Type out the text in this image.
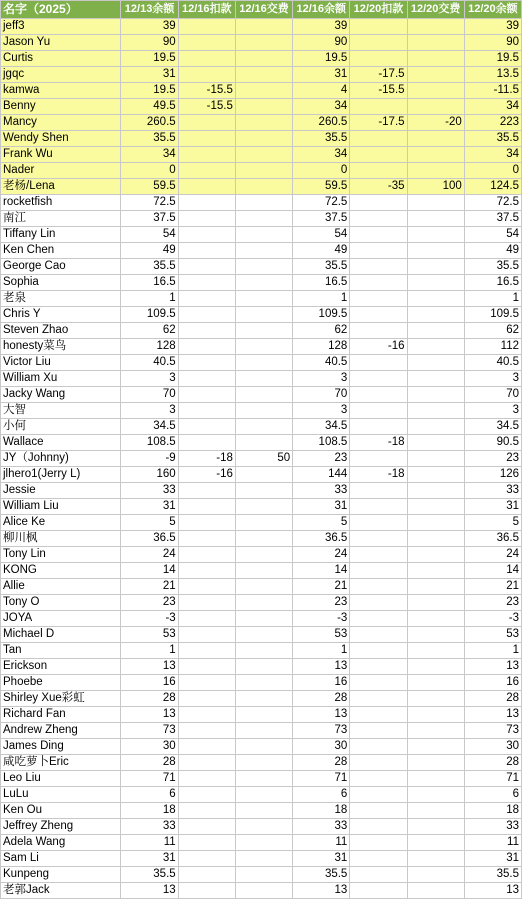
名字（2025）	12/13余额	12/16扣款	12/16交费	12/16余额	12/20扣款	12/20交费	12/20余额
jeff3	39			39			39
Jason Yu	90			90			90
Curtis	19.5			19.5			19.5
jgqc	31			31	-17.5		13.5
kamwa	19.5	-15.5		4	-15.5		-11.5
Benny	49.5	-15.5		34			34
Mancy	260.5			260.5	-17.5	-20	223
Wendy Shen	35.5			35.5			35.5
Frank Wu	34			34			34
Nader	0			0			0
老杨/Lena	59.5			59.5	-35	100	124.5
rocketfish	72.5			72.5			72.5
南江	37.5			37.5			37.5
Tiffany Lin	54			54			54
Ken Chen	49			49			49
George Cao	35.5			35.5			35.5
Sophia	16.5			16.5			16.5
老泉	1			1			1
Chris Y	109.5			109.5			109.5
Steven Zhao	62			62			62
honesty菜鸟	128			128	-16		112
Victor Liu	40.5			40.5			40.5
William Xu	3			3			3
Jacky Wang	70			70			70
大智	3			3			3
小何	34.5			34.5			34.5
Wallace	108.5			108.5	-18		90.5
JY（Johnny)	-9	-18	50	23			23
jlhero1(Jerry L)	160	-16		144	-18		126
Jessie	33			33			33
William Liu	31			31			31
Alice Ke	5			5			5
柳川枫	36.5			36.5			36.5
Tony Lin	24			24			24
KONG	14			14			14
Allie	21			21			21
Tony O	23			23			23
JOYA	-3			-3			-3
Michael D	53			53			53
Tan	1			1			1
Erickson	13			13			13
Phoebe	16			16			16
Shirley Xue彩虹	28			28			28
Richard Fan	13			13			13
Andrew Zheng	73			73			73
James Ding	30			30			30
咸吃萝卜Eric	28			28			28
Leo Liu	71			71			71
LuLu	6			6			6
Ken Ou	18			18			18
Jeffrey Zheng	33			33			33
Adela Wang	11			11			11
Sam Li	31			31			31
Kunpeng	35.5			35.5			35.5
老郭Jack	13			13			13
